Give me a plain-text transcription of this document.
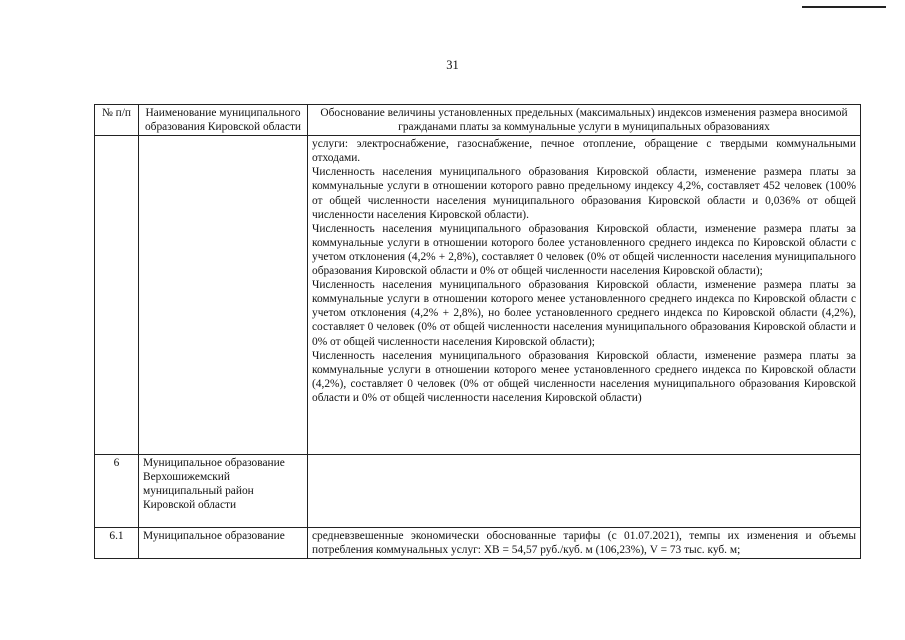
31
№ п/п	Наименование муниципального образования Кировской области	Обоснование величины установленных предельных (максимальных) индексов изменения размера вносимой гражданами платы за коммунальные услуги в муниципальных образованиях

		услуги: электроснабжение, газоснабжение, печное отопление, обращение с твердыми коммунальными отходами.

Численность населения муниципального образования Кировской области, изменение размера платы за коммунальные услуги в отношении которого равно предельному индексу 4,2%, составляет 452 человек (100% от общей численности населения муниципального образования Кировской области и 0,036% от общей численности населения Кировской области).

Численность населения муниципального образования Кировской области, изменение размера платы за коммунальные услуги в отношении которого более установленного среднего индекса по Кировской области с учетом отклонения (4,2% + 2,8%), составляет 0 человек (0% от общей численности населения муниципального образования Кировской области и 0% от общей численности населения Кировской области);

Численность населения муниципального образования Кировской области, изменение размера платы за коммунальные услуги в отношении которого менее установленного среднего индекса по Кировской области с учетом отклонения (4,2% + 2,8%), но более установленного среднего индекса по Кировской области (4,2%), составляет 0 человек (0% от общей численности населения муниципального образования Кировской области и 0% от общей численности населения Кировской области);

Численность населения муниципального образования Кировской области, изменение размера платы за коммунальные услуги в отношении которого менее установленного среднего индекса по Кировской области (4,2%), составляет 0 человек (0% от общей численности населения муниципального образования Кировской области и 0% от общей численности населения Кировской области)

6	Муниципальное образование Верхошижемский муниципальный район Кировской области	
6.1	Муниципальное образование	средневзвешенные экономически обоснованные тарифы (с 01.07.2021), темпы их изменения и объемы потребления коммунальных услуг: ХВ = 54,57 руб./куб. м (106,23%), V = 73 тыс. куб. м;
